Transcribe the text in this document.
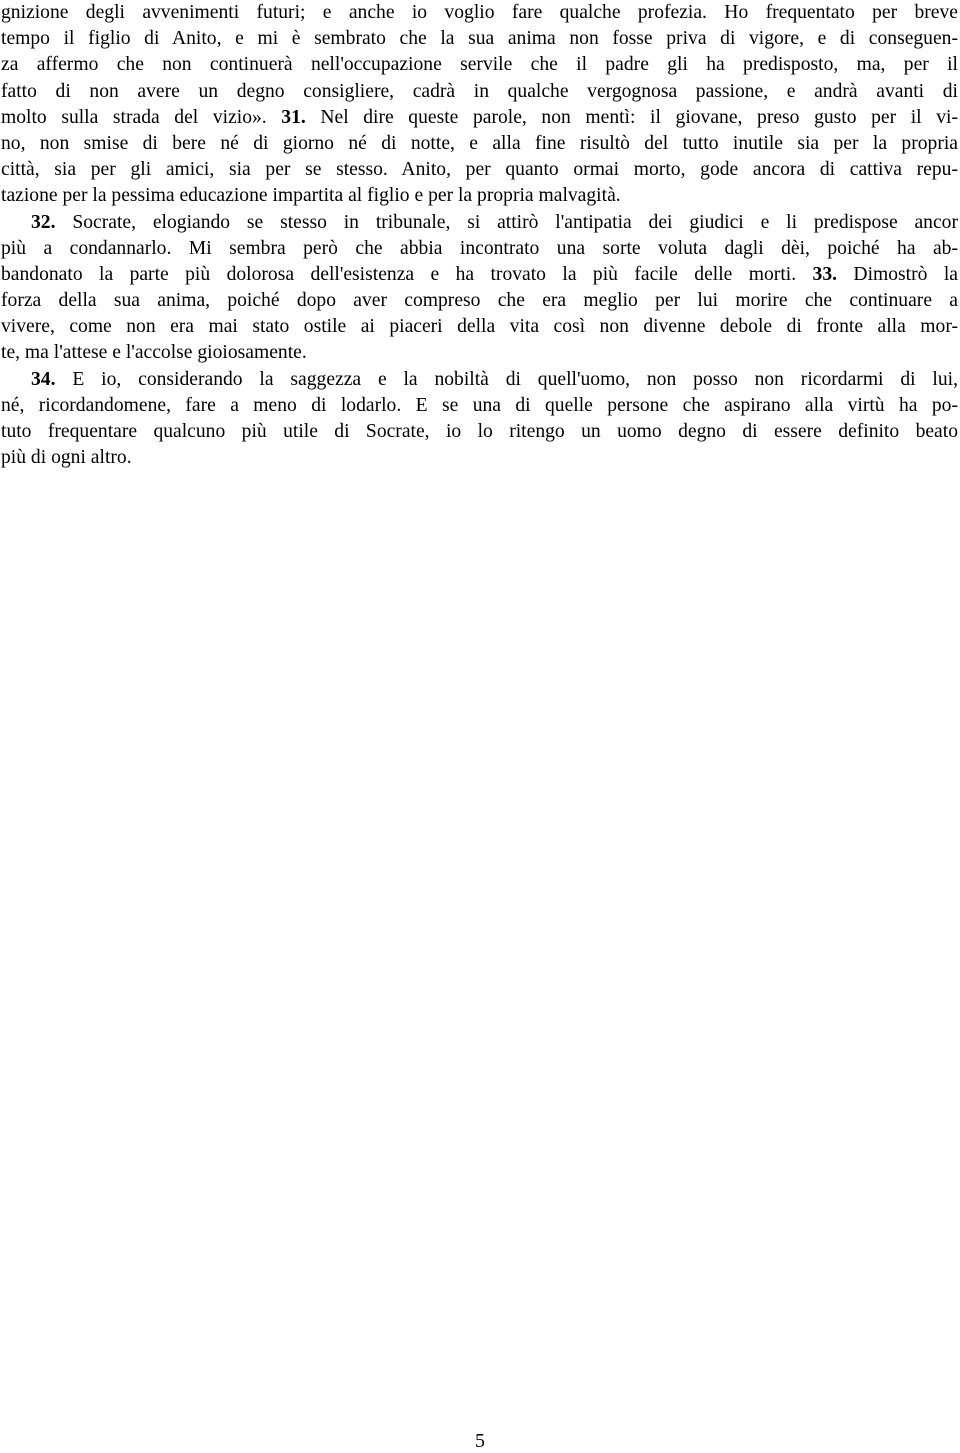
gnizione degli avvenimenti futuri; e anche io voglio fare qualche profezia. Ho frequentato per breve
tempo il figlio di Anito, e mi è sembrato che la sua anima non fosse priva di vigore, e di conseguen-
za affermo che non continuerà nell'occupazione servile che il padre gli ha predisposto, ma, per il
fatto di non avere un degno consigliere, cadrà in qualche vergognosa passione, e andrà avanti di
molto sulla strada del vizio». 31. Nel dire queste parole, non mentì: il giovane, preso gusto per il vi-
no, non smise di bere né di giorno né di notte, e alla fine risultò del tutto inutile sia per la propria
città, sia per gli amici, sia per se stesso. Anito, per quanto ormai morto, gode ancora di cattiva repu-
tazione per la pessima educazione impartita al figlio e per la propria malvagità.
32. Socrate, elogiando se stesso in tribunale, si attirò l'antipatia dei giudici e li predispose ancor
più a condannarlo. Mi sembra però che abbia incontrato una sorte voluta dagli dèi, poiché ha ab-
bandonato la parte più dolorosa dell'esistenza e ha trovato la più facile delle morti. 33. Dimostrò la
forza della sua anima, poiché dopo aver compreso che era meglio per lui morire che continuare a
vivere, come non era mai stato ostile ai piaceri della vita così non divenne debole di fronte alla mor-
te, ma l'attese e l'accolse gioiosamente.
34. E io, considerando la saggezza e la nobiltà di quell'uomo, non posso non ricordarmi di lui,
né, ricordandomene, fare a meno di lodarlo. E se una di quelle persone che aspirano alla virtù ha po-
tuto frequentare qualcuno più utile di Socrate, io lo ritengo un uomo degno di essere definito beato
più di ogni altro.
5
